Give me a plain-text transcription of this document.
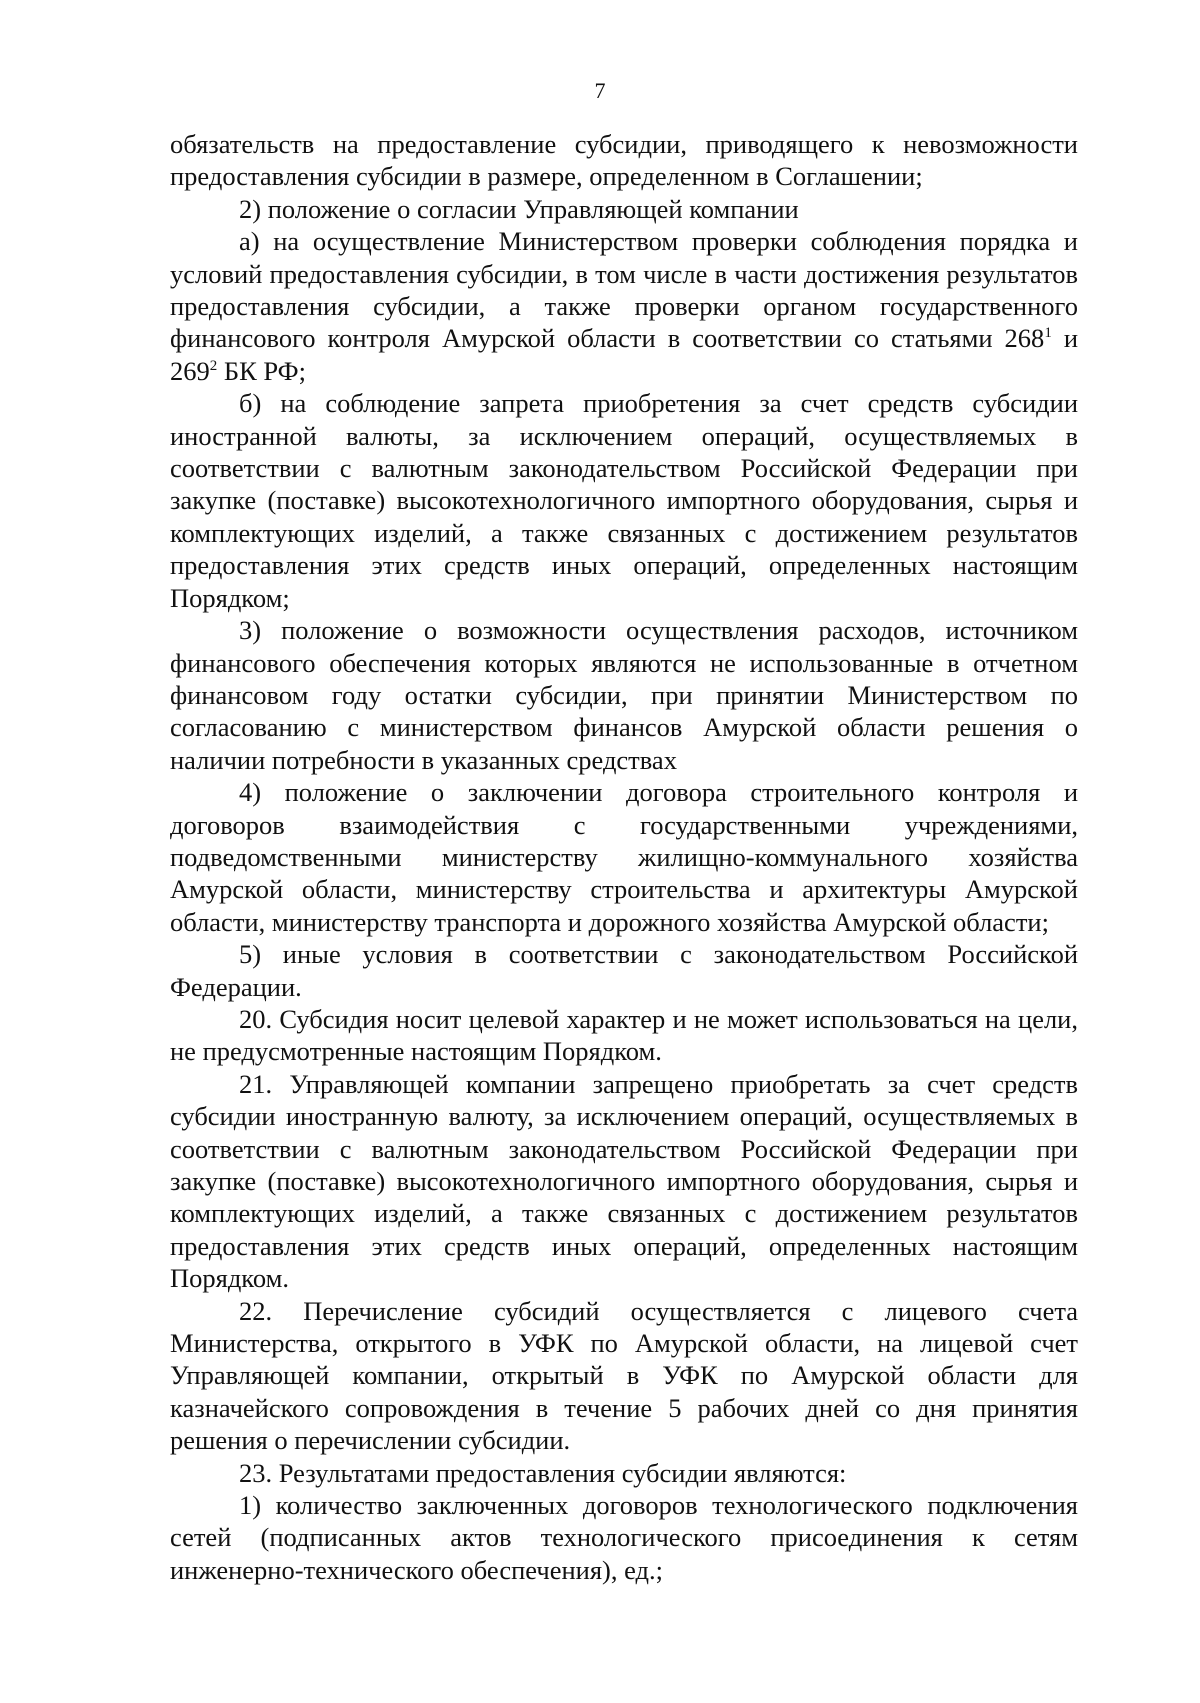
7

обязательств на предоставление субсидии, приводящего к невозможности предоставления субсидии в размере, определенном в Соглашении;

2) положение о согласии Управляющей компании

а) на осуществление Министерством проверки соблюдения порядка и условий предоставления субсидии, в том числе в части достижения результатов предоставления субсидии, а также проверки органом государственного финансового контроля Амурской области в соответствии со статьями $268^1$ и $269^2$ БК РФ;

б) на соблюдение запрета приобретения за счет средств субсидии иностранной валюты, за исключением операций, осуществляемых в соответствии с валютным законодательством Российской Федерации при закупке (поставке) высокотехнологичного импортного оборудования, сырья и комплектующих изделий, а также связанных с достижением результатов предоставления этих средств иных операций, определенных настоящим Порядком;

3) положение о возможности осуществления расходов, источником финансового обеспечения которых являются не использованные в отчетном финансовом году остатки субсидии, при принятии Министерством по согласованию с министерством финансов Амурской области решения о наличии потребности в указанных средствах

4) положение о заключении договора строительного контроля и договоров взаимодействия с государственными учреждениями, подведомственными министерству жилищно-коммунального хозяйства Амурской области, министерству строительства и архитектуры Амурской области, министерству транспорта и дорожного хозяйства Амурской области;

5) иные условия в соответствии с законодательством Российской Федерации.

20. Субсидия носит целевой характер и не может использоваться на цели, не предусмотренные настоящим Порядком.

21. Управляющей компании запрещено приобретать за счет средств субсидии иностранную валюту, за исключением операций, осуществляемых в соответствии с валютным законодательством Российской Федерации при закупке (поставке) высокотехнологичного импортного оборудования, сырья и комплектующих изделий, а также связанных с достижением результатов предоставления этих средств иных операций, определенных настоящим Порядком.

22. Перечисление субсидий осуществляется с лицевого счета Министерства, открытого в УФК по Амурской области, на лицевой счет Управляющей компании, открытый в УФК по Амурской области для казначейского сопровождения в течение 5 рабочих дней со дня принятия решения о перечислении субсидии.

23. Результатами предоставления субсидии являются:

1) количество заключенных договоров технологического подключения сетей (подписанных актов технологического присоединения к сетям инженерно-технического обеспечения), ед.;
